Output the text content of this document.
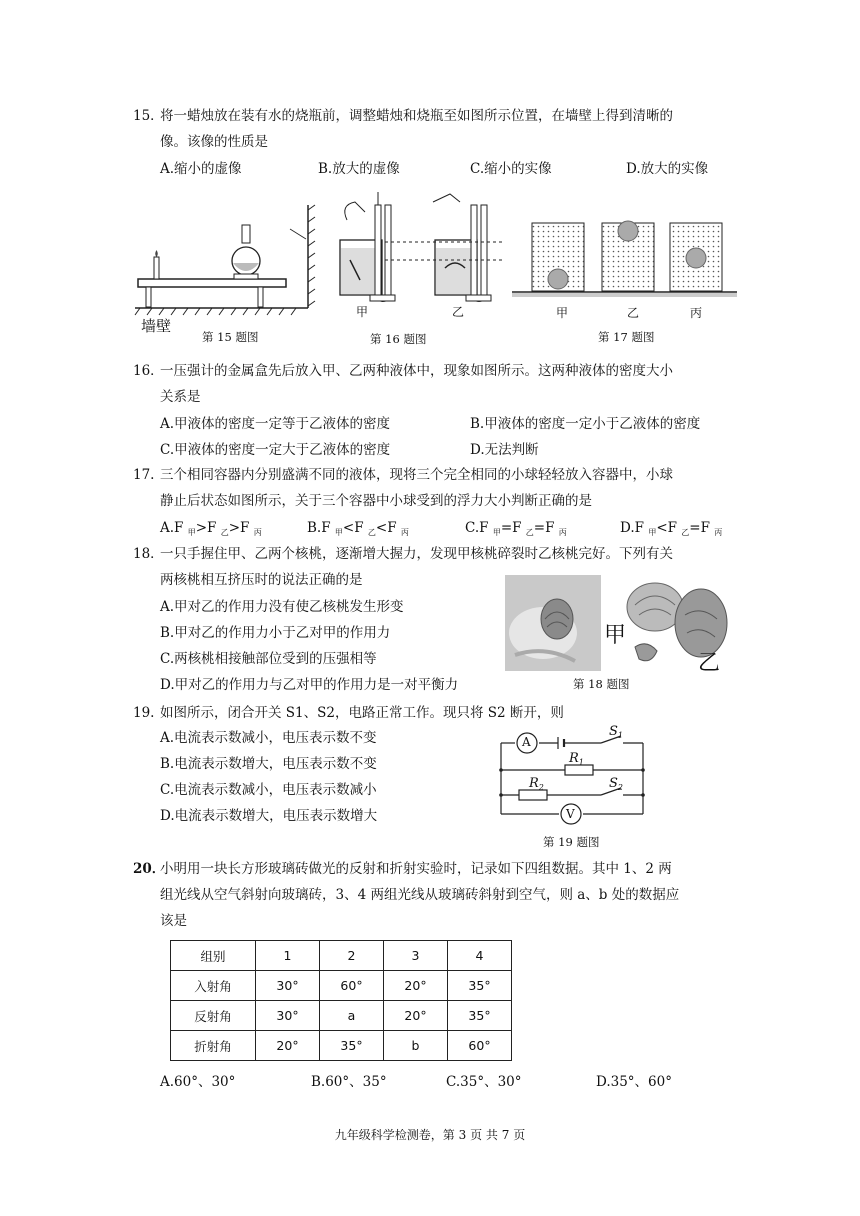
15．
将一蜡烛放在装有水的烧瓶前，调整蜡烛和烧瓶至如图所示位置，在墙壁上得到清晰的
像。该像的性质是
A.缩小的虚像	B.放大的虚像	C.缩小的实像	D.放大的实像
墙壁
第 15 题图
甲	乙
第 16 题图
甲	乙	丙
第 17 题图
16．
一压强计的金属盒先后放入甲、乙两种液体中，现象如图所示。这两种液体的密度大小
关系是
A.甲液体的密度一定等于乙液体的密度	B.甲液体的密度一定小于乙液体的密度
C.甲液体的密度一定大于乙液体的密度	D.无法判断
17. 三个相同容器内分别盛满不同的液体，现将三个完全相同的小球轻轻放入容器中，小球
静止后状态如图所示，关于三个容器中小球受到的浮力大小判断正确的是
A.F $_甲$>F $_乙$>F $_丙$	B.F $_甲$<F $_乙$<F $_丙$	C.F $_甲$=F $_乙$=F $_丙$	D.F $_甲$<F $_乙$=F $_丙$
18．
一只手握住甲、乙两个核桃，逐渐增大握力，发现甲核桃碎裂时乙核桃完好。下列有关
两核桃相互挤压时的说法正确的是
A.甲对乙的作用力没有使乙核桃发生形变
B.甲对乙的作用力小于乙对甲的作用力
C.两核桃相接触部位受到的压强相等
D.甲对乙的作用力与乙对甲的作用力是一对平衡力
甲
乙
第 18 题图
19. 如图所示，闭合开关 S1、S2，电路正常工作。现只将 S2 断开，则
A.电流表示数减小，电压表示数不变
B.电流表示数增大，电压表示数不变
C.电流表示数减小，电压表示数减小
D.电流表示数增大，电压表示数增大
A
V
$S_1$
$R_1$
$R_2$	$S_2$
第 19 题图
20．
小明用一块长方形玻璃砖做光的反射和折射实验时，记录如下四组数据。其中 1、2 两
组光线从空气斜射向玻璃砖，3、4 两组光线从玻璃砖斜射到空气，则 a、b 处的数据应
该是
组别	1	2	3	4
入射角	30°	60°	20°	35°
反射角	30°	a	20°	35°
折射角	20°	35°	b	60°
A.60°、30°	B.60°、35°	C.35°、30°	D.35°、60°
九年级科学检测卷，第 3 页 共 7 页
